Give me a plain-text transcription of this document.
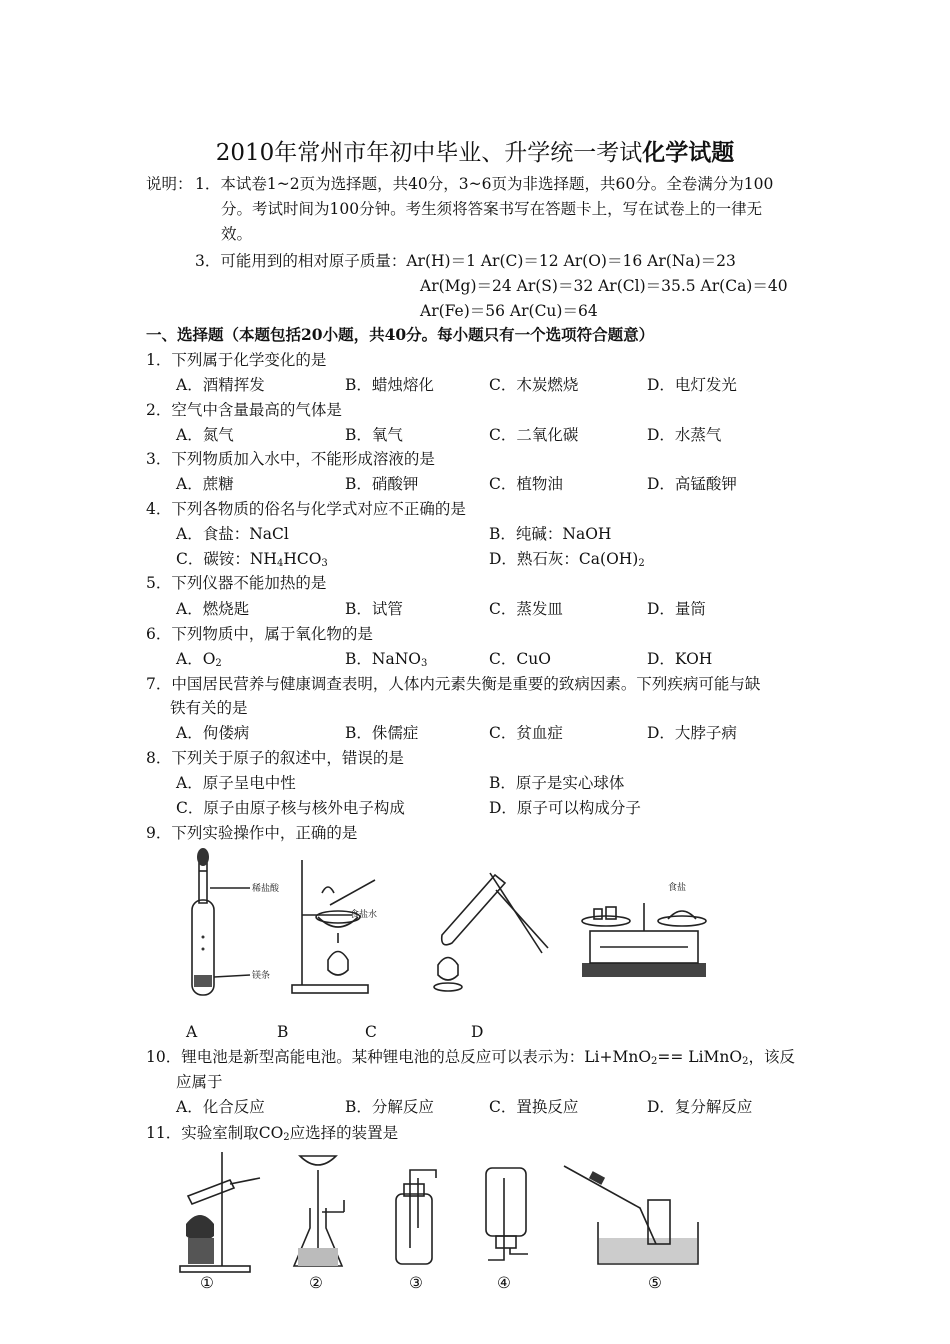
2010年常州市年初中毕业、升学统一考试化学试题
说明： 1．本试卷1~2页为选择题，共40分，3~6页为非选择题，共60分。全卷满分为100
分。考试时间为100分钟。考生须将答案书写在答题卡上，写在试卷上的一律无
效。
3．可能用到的相对原子质量：Ar(H)＝1 Ar(C)＝12 Ar(O)＝16 Ar(Na)＝23
Ar(Mg)＝24 Ar(S)＝32 Ar(Cl)＝35.5 Ar(Ca)＝40
Ar(Fe)＝56 Ar(Cu)＝64
一、选择题（本题包括20小题，共40分。每小题只有一个选项符合题意）
1．下列属于化学变化的是
A．酒精挥发	B．蜡烛熔化	C．木炭燃烧	D．电灯发光
2．空气中含量最高的气体是
A．氮气	B．氧气	C．二氧化碳	D．水蒸气
3．下列物质加入水中，不能形成溶液的是
A．蔗糖	B．硝酸钾	C．植物油	D．高锰酸钾
4．下列各物质的俗名与化学式对应不正确的是
A．食盐：NaCl	B．纯碱：NaOH
C．碳铵：$NH_4HCO_3$	D．熟石灰：$Ca(OH)_2$
5．下列仪器不能加热的是
A．燃烧匙	B．试管	C．蒸发皿	D．量筒
6．下列物质中，属于氧化物的是
A．$O_2$	B．NaNO$_3$	C．CuO	D．KOH
7．中国居民营养与健康调查表明，人体内元素失衡是重要的致病因素。下列疾病可能与缺
铁有关的是
A．佝偻病	B．侏儒症	C．贫血症	D．大脖子病
8．下列关于原子的叙述中，错误的是
A．原子呈电中性	B．原子是实心球体
C．原子由原子核与核外电子构成	D．原子可以构成分子
9．下列实验操作中，正确的是
稀盐酸
镁条
食盐水
食盐
A	B	C	D
10．锂电池是新型高能电池。某种锂电池的总反应可以表示为：Li+MnO$_2$== LiMnO$_2$，该反
应属于
A．化合反应	B．分解反应	C．置换反应	D．复分解反应
11．实验室制取$CO_2$应选择的装置是
①	②	③	④	⑤
